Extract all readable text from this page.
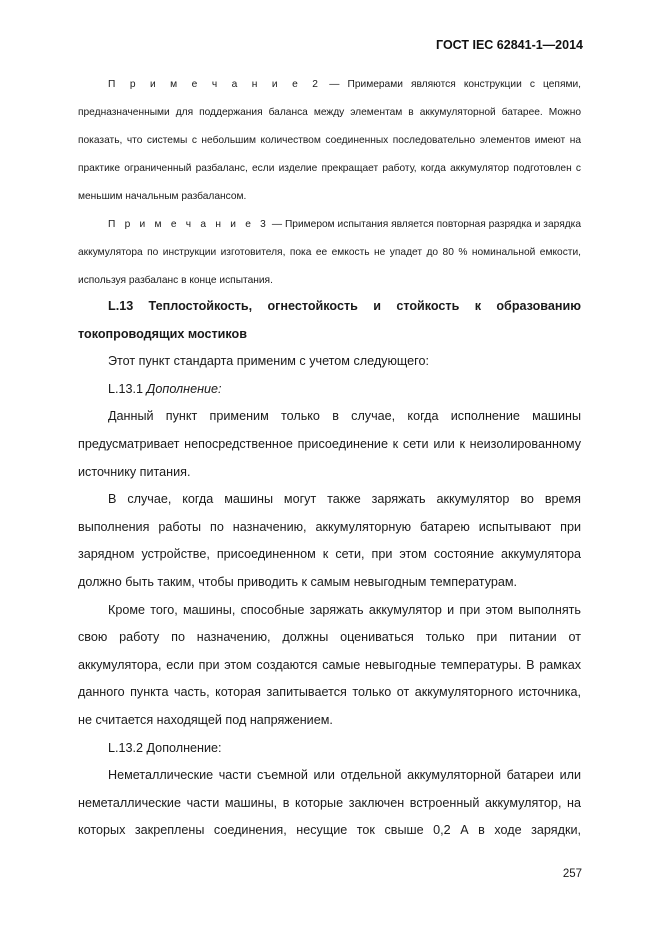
ГОСТ IEC 62841-1—2014

П р и м е ч а н и е 2 — Примерами являются конструкции с цепями, предназначенными для поддержания баланса между элементам в аккумуляторной батарее. Можно показать, что системы с небольшим количеством соединенных последовательно элементов имеют на практике ограниченный разбаланс, если изделие прекращает работу, когда аккумулятор подготовлен с меньшим начальным разбалансом.

П р и м е ч а н и е 3 — Примером испытания является повторная разрядка и зарядка аккумулятора по инструкции изготовителя, пока ее емкость не упадет до 80 % номинальной емкости, используя разбаланс в конце испытания.

L.13 Теплостойкость, огнестойкость и стойкость к образованию

токопроводящих мостиков

Этот пункт стандарта применим с учетом следующего:

L.13.1 Дополнение:

Данный пункт применим только в случае, когда исполнение машины предусматривает непосредственное присоединение к сети или к неизолированному источнику питания.

В случае, когда машины могут также заряжать аккумулятор во время выполнения работы по назначению, аккумуляторную батарею испытывают при зарядном устройстве, присоединенном к сети, при этом состояние аккумулятора должно быть таким, чтобы приводить к самым невыгодным температурам.

Кроме того, машины, способные заряжать аккумулятор и при этом выполнять свою работу по назначению, должны оцениваться только при питании от аккумулятора, если при этом создаются самые невыгодные температуры. В рамках данного пункта часть, которая запитывается только от аккумуляторного источника, не считается находящей под напряжением.

L.13.2 Дополнение:

Неметаллические части съемной или отдельной аккумуляторной батареи или неметаллические части машины, в которые заключен встроенный аккумулятор, на которых закреплены соединения, несущие ток свыше 0,2 А в ходе зарядки,

257
